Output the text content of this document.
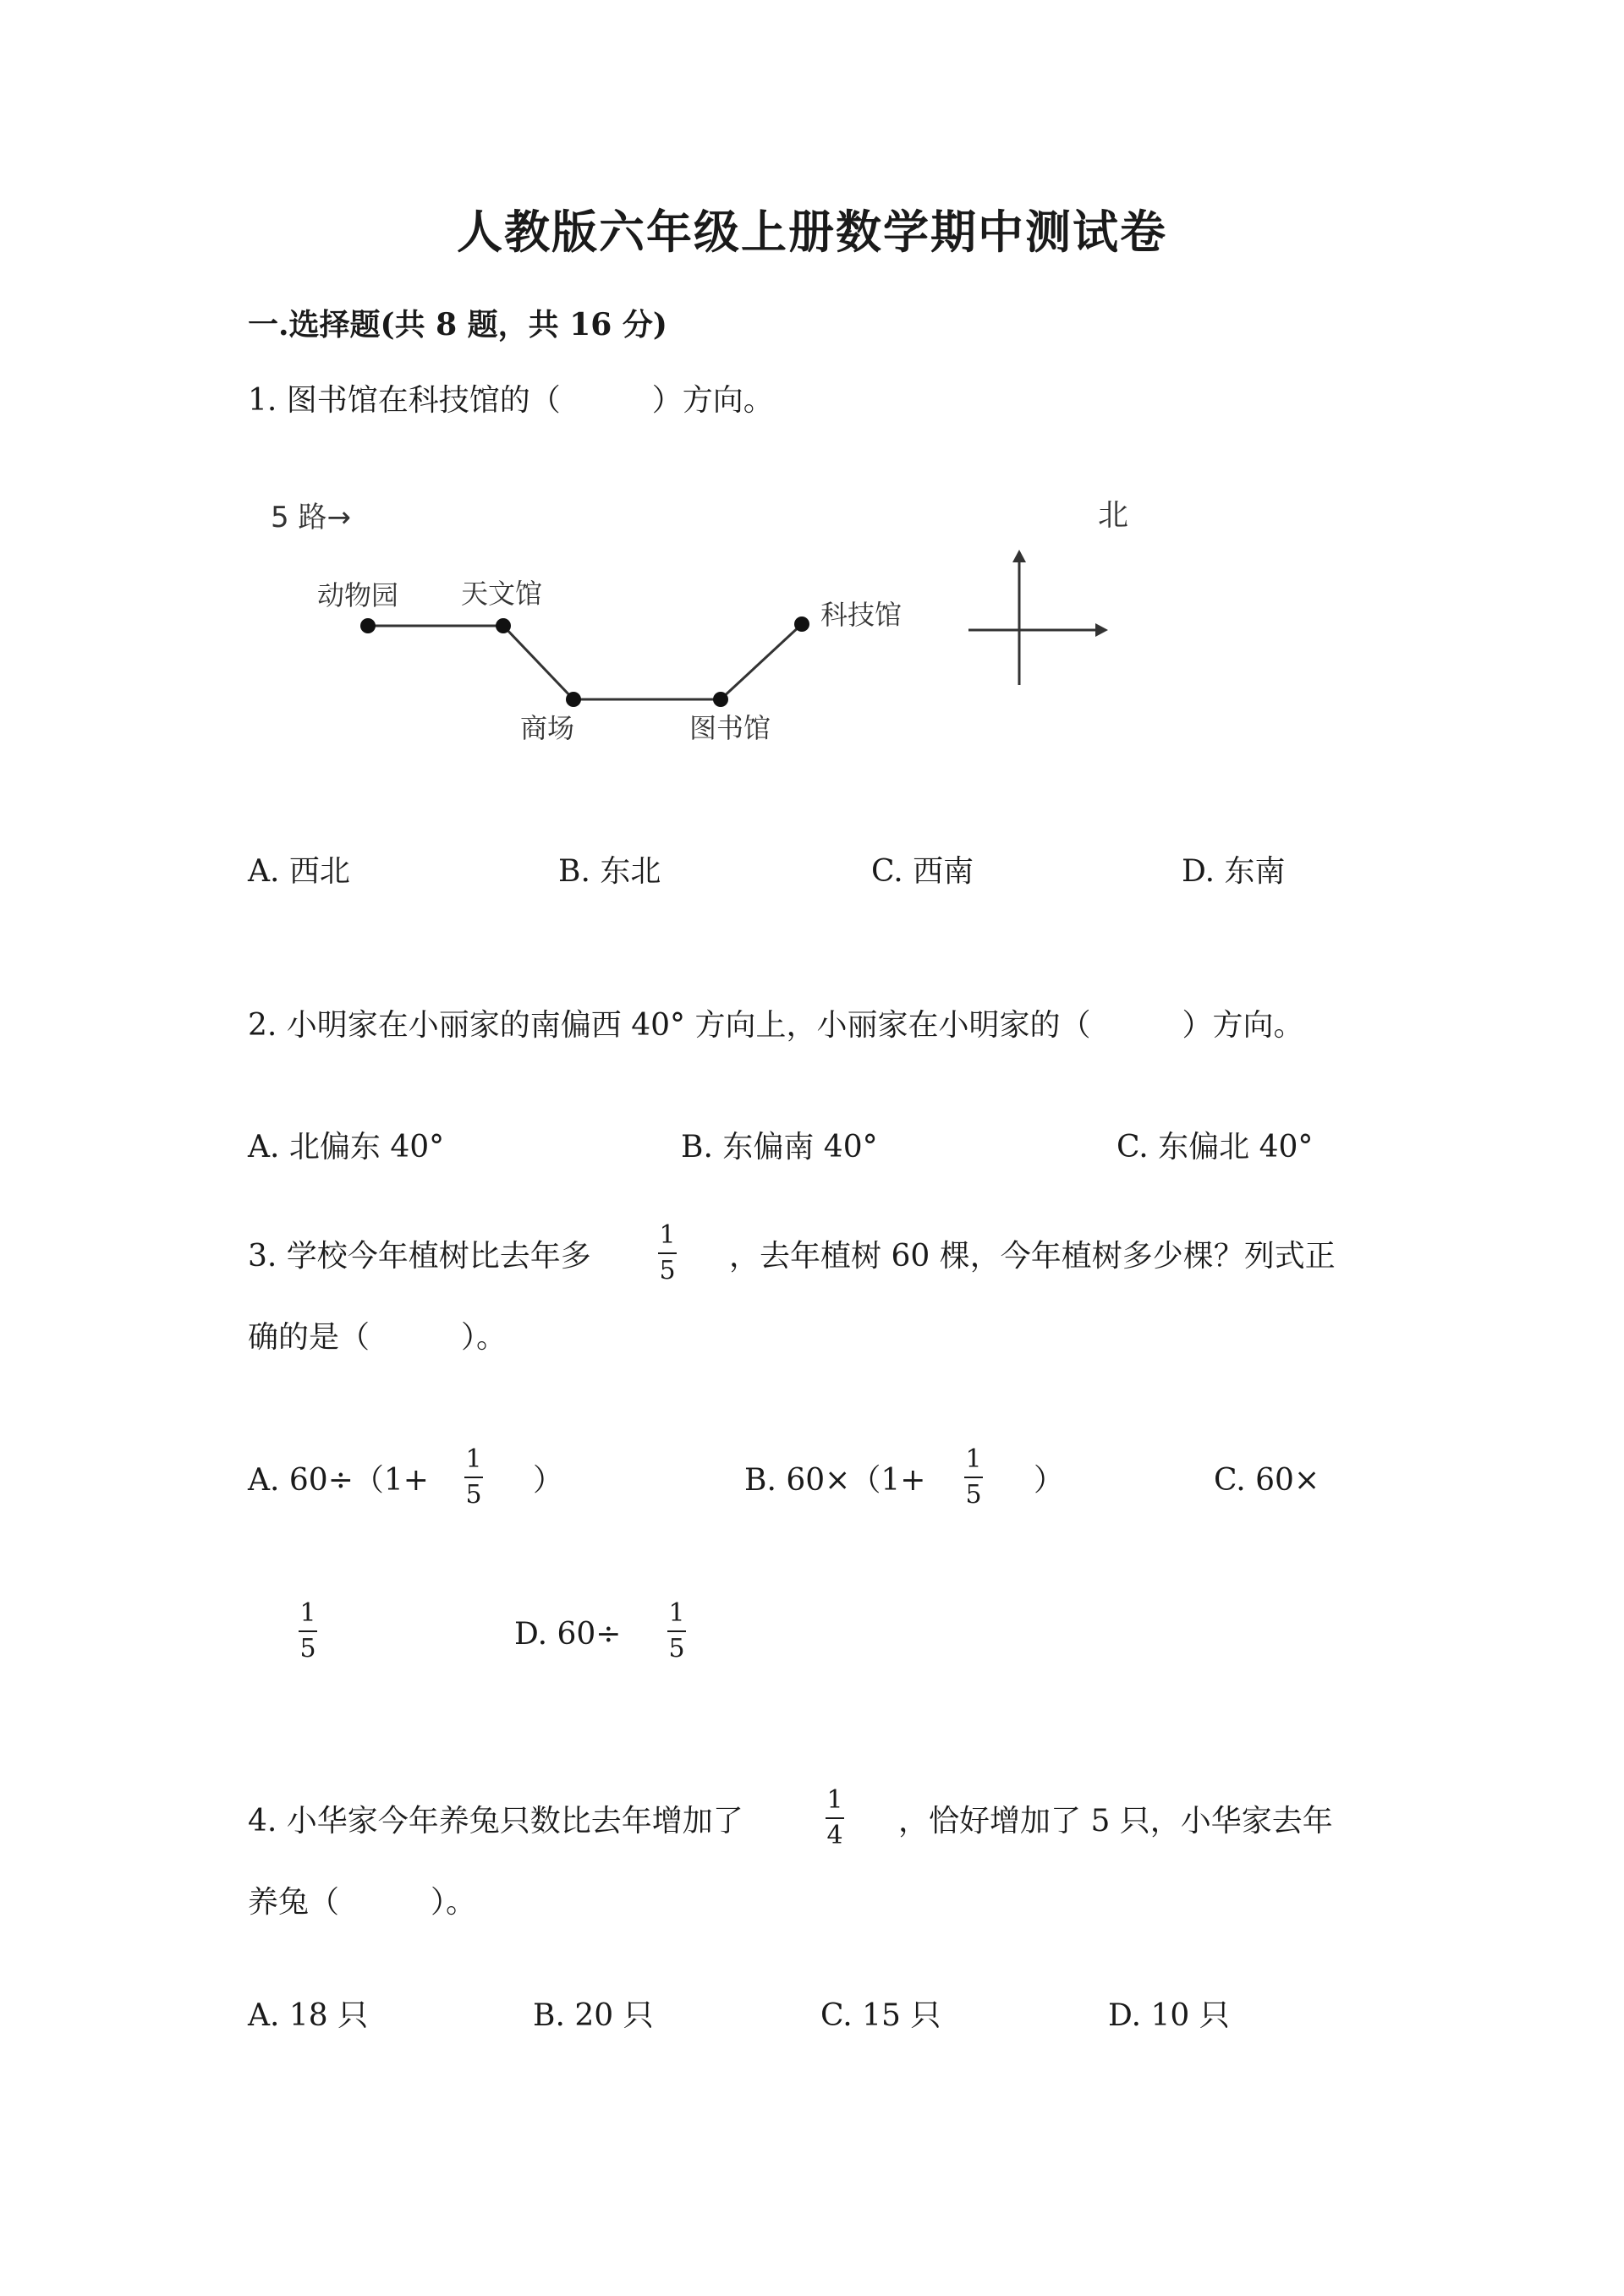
人教版六年级上册数学期中测试卷
一.选择题(共 8 题，共 16 分)
1. 图书馆在科技馆的（　　　）方向。
5 路→	北
动物园 天文馆
商场	图书馆
科技馆
A. 西北	B. 东北	C. 西南	D. 东南
2. 小明家在小丽家的南偏西 40° 方向上，小丽家在小明家的（　　　）方向。
A. 北偏东 40°	B. 东偏南 40°	C. 东偏北 40°
3. 学校今年植树比去年多
1
5 ，去年植树 60 棵，今年植树多少棵？列式正
确的是（　　　）。
A. 60÷（1+
1
5 ）	B. 60×（1+
1
5 ）	C. 60×
1
5	D. 60÷
1
5
4. 小华家今年养兔只数比去年增加了
1
4 ，恰好增加了 5 只，小华家去年
养兔（　　　）。
A. 18 只	B. 20 只	C. 15 只	D. 10 只
